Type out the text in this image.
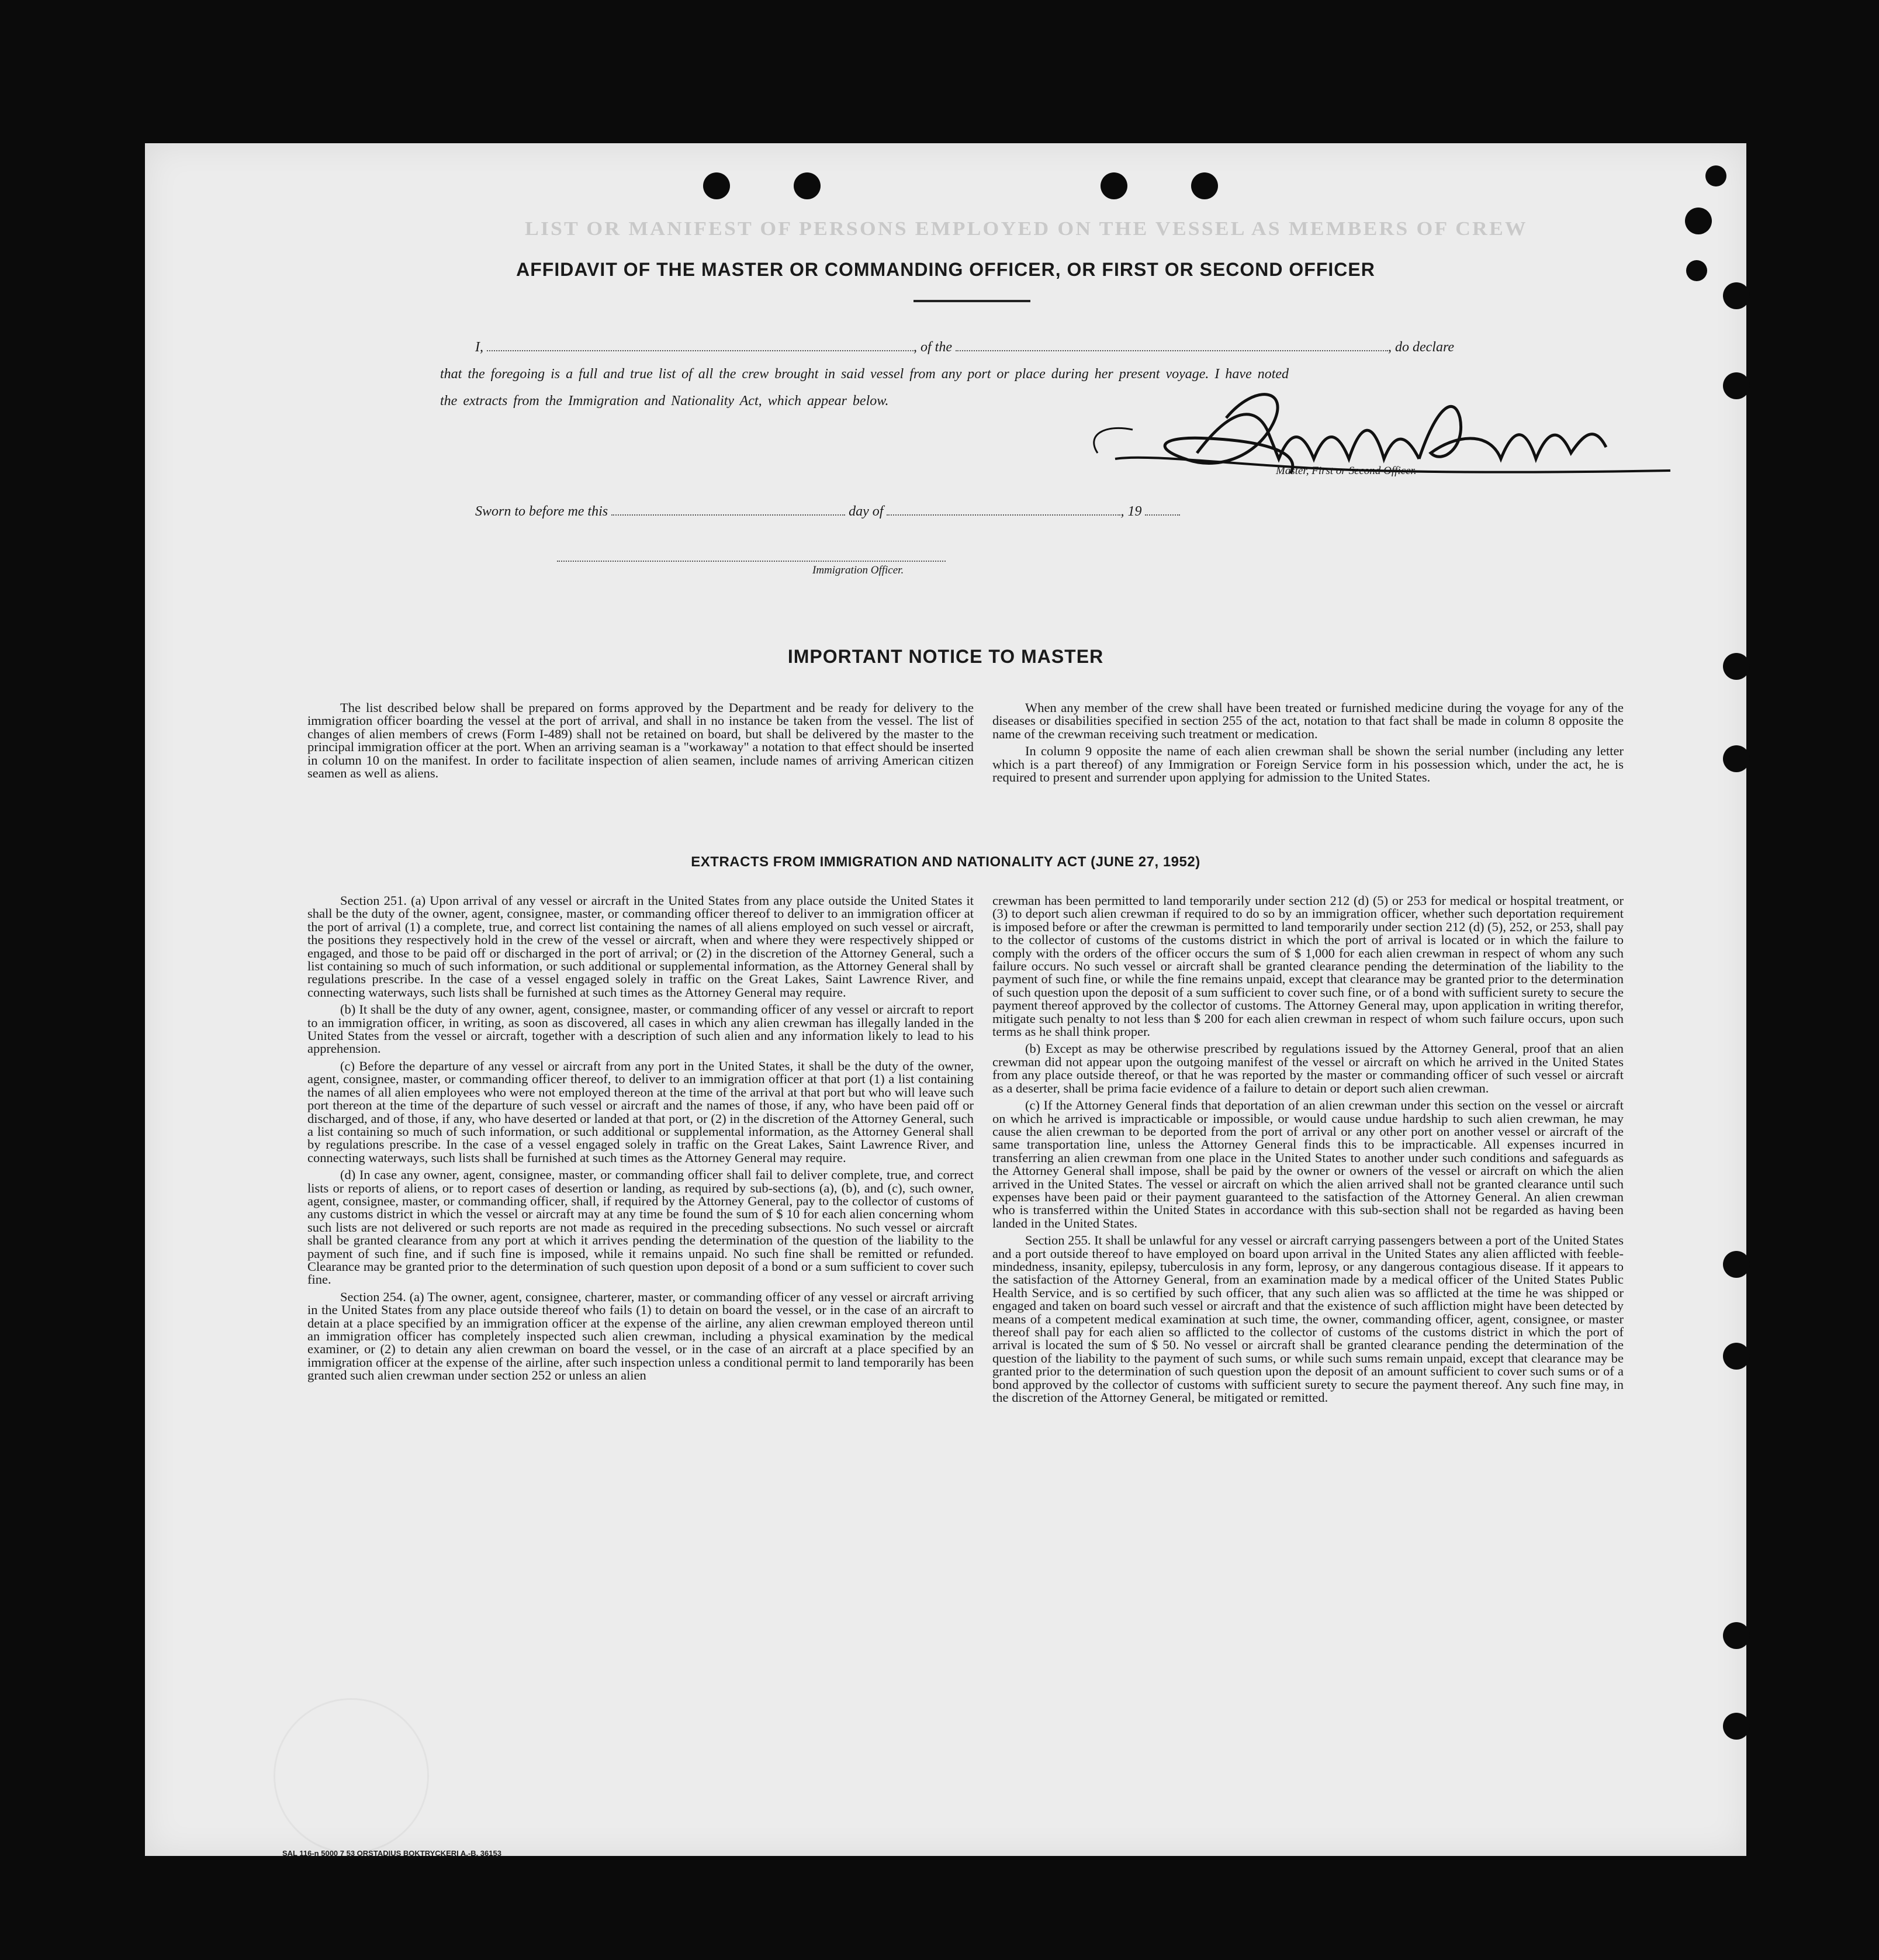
LIST OR MANIFEST OF PERSONS EMPLOYED ON THE VESSEL AS MEMBERS OF CREW
AFFIDAVIT OF THE MASTER OR COMMANDING OFFICER, OR FIRST OR SECOND OFFICER
I,	, of the	, do declare
that the foregoing is a full and true list of all the crew brought in said vessel from any port or place during her present voyage. I have noted
the extracts from the Immigration and Nationality Act, which appear below.
Master, First or Second Officer.
Sworn to before me this	day of	, 19
Immigration Officer.
IMPORTANT NOTICE TO MASTER

The list described below shall be prepared on forms approved by the Department and be ready for delivery to the immigration officer boarding the vessel at the port of arrival, and shall in no instance be taken from the vessel. The list of changes of alien members of crews (Form I-489) shall not be retained on board, but shall be delivered by the master to the principal immigration officer at the port. When an arriving seaman is a "workaway" a notation to that effect should be inserted in column 10 on the manifest. In order to facilitate inspection of alien seamen, include names of arriving American citizen seamen as well as aliens.

When any member of the crew shall have been treated or furnished medicine during the voyage for any of the diseases or disabilities specified in section 255 of the act, notation to that fact shall be made in column 8 opposite the name of the crewman receiving such treatment or medication.

In column 9 opposite the name of each alien crewman shall be shown the serial number (including any letter which is a part thereof) of any Immigration or Foreign Service form in his possession which, under the act, he is required to present and surrender upon applying for admission to the United States.

EXTRACTS FROM IMMIGRATION AND NATIONALITY ACT (JUNE 27, 1952)

Section 251. (a) Upon arrival of any vessel or aircraft in the United States from any place outside the United States it shall be the duty of the owner, agent, consignee, master, or commanding officer thereof to deliver to an immigration officer at the port of arrival (1) a complete, true, and correct list containing the names of all aliens employed on such vessel or aircraft, the positions they respectively hold in the crew of the vessel or aircraft, when and where they were respectively shipped or engaged, and those to be paid off or discharged in the port of arrival; or (2) in the discretion of the Attorney General, such a list containing so much of such information, or such additional or supplemental information, as the Attorney General shall by regulations prescribe. In the case of a vessel engaged solely in traffic on the Great Lakes, Saint Lawrence River, and connecting waterways, such lists shall be furnished at such times as the Attorney General may require.

(b) It shall be the duty of any owner, agent, consignee, master, or commanding officer of any vessel or aircraft to report to an immigration officer, in writing, as soon as discovered, all cases in which any alien crewman has illegally landed in the United States from the vessel or aircraft, together with a description of such alien and any information likely to lead to his apprehension.

(c) Before the departure of any vessel or aircraft from any port in the United States, it shall be the duty of the owner, agent, consignee, master, or commanding officer thereof, to deliver to an immigration officer at that port (1) a list containing the names of all alien employees who were not employed thereon at the time of the arrival at that port but who will leave such port thereon at the time of the departure of such vessel or aircraft and the names of those, if any, who have been paid off or discharged, and of those, if any, who have deserted or landed at that port, or (2) in the discretion of the Attorney General, such a list containing so much of such information, or such additional or supplemental information, as the Attorney General shall by regulations prescribe. In the case of a vessel engaged solely in traffic on the Great Lakes, Saint Lawrence River, and connecting waterways, such lists shall be furnished at such times as the Attorney General may require.

(d) In case any owner, agent, consignee, master, or commanding officer shall fail to deliver complete, true, and correct lists or reports of aliens, or to report cases of desertion or landing, as required by sub-sections (a), (b), and (c), such owner, agent, consignee, master, or commanding officer, shall, if required by the Attorney General, pay to the collector of customs of any customs district in which the vessel or aircraft may at any time be found the sum of $ 10 for each alien concerning whom such lists are not delivered or such reports are not made as required in the preceding subsections. No such vessel or aircraft shall be granted clearance from any port at which it arrives pending the determination of the question of the liability to the payment of such fine, and if such fine is imposed, while it remains unpaid. No such fine shall be remitted or refunded. Clearance may be granted prior to the determination of such question upon deposit of a bond or a sum sufficient to cover such fine.

Section 254. (a) The owner, agent, consignee, charterer, master, or commanding officer of any vessel or aircraft arriving in the United States from any place outside thereof who fails (1) to detain on board the vessel, or in the case of an aircraft to detain at a place specified by an immigration officer at the expense of the airline, any alien crewman employed thereon until an immigration officer has completely inspected such alien crewman, including a physical examination by the medical examiner, or (2) to detain any alien crewman on board the vessel, or in the case of an aircraft at a place specified by an immigration officer at the expense of the airline, after such inspection unless a conditional permit to land temporarily has been granted such alien crewman under section 252 or unless an alien

crewman has been permitted to land temporarily under section 212 (d) (5) or 253 for medical or hospital treatment, or (3) to deport such alien crewman if required to do so by an immigration officer, whether such deportation requirement is imposed before or after the crewman is permitted to land temporarily under section 212 (d) (5), 252, or 253, shall pay to the collector of customs of the customs district in which the port of arrival is located or in which the failure to comply with the orders of the officer occurs the sum of $ 1,000 for each alien crewman in respect of whom any such failure occurs. No such vessel or aircraft shall be granted clearance pending the determination of the liability to the payment of such fine, or while the fine remains unpaid, except that clearance may be granted prior to the determination of such question upon the deposit of a sum sufficient to cover such fine, or of a bond with sufficient surety to secure the payment thereof approved by the collector of customs. The Attorney General may, upon application in writing therefor, mitigate such penalty to not less than $ 200 for each alien crewman in respect of whom such failure occurs, upon such terms as he shall think proper.

(b) Except as may be otherwise prescribed by regulations issued by the Attorney General, proof that an alien crewman did not appear upon the outgoing manifest of the vessel or aircraft on which he arrived in the United States from any place outside thereof, or that he was reported by the master or commanding officer of such vessel or aircraft as a deserter, shall be prima facie evidence of a failure to detain or deport such alien crewman.

(c) If the Attorney General finds that deportation of an alien crewman under this section on the vessel or aircraft on which he arrived is impracticable or impossible, or would cause undue hardship to such alien crewman, he may cause the alien crewman to be deported from the port of arrival or any other port on another vessel or aircraft of the same transportation line, unless the Attorney General finds this to be impracticable. All expenses incurred in transferring an alien crewman from one place in the United States to another under such conditions and safeguards as the Attorney General shall impose, shall be paid by the owner or owners of the vessel or aircraft on which the alien arrived in the United States. The vessel or aircraft on which the alien arrived shall not be granted clearance until such expenses have been paid or their payment guaranteed to the satisfaction of the Attorney General. An alien crewman who is transferred within the United States in accordance with this sub-section shall not be regarded as having been landed in the United States.

Section 255. It shall be unlawful for any vessel or aircraft carrying passengers between a port of the United States and a port outside thereof to have employed on board upon arrival in the United States any alien afflicted with feeble-mindedness, insanity, epilepsy, tuberculosis in any form, leprosy, or any dangerous contagious disease. If it appears to the satisfaction of the Attorney General, from an examination made by a medical officer of the United States Public Health Service, and is so certified by such officer, that any such alien was so afflicted at the time he was shipped or engaged and taken on board such vessel or aircraft and that the existence of such affliction might have been detected by means of a competent medical examination at such time, the owner, commanding officer, agent, consignee, or master thereof shall pay for each alien so afflicted to the collector of customs of the customs district in which the port of arrival is located the sum of $ 50. No vessel or aircraft shall be granted clearance pending the determination of the question of the liability to the payment of such sums, or while such sums remain unpaid, except that clearance may be granted prior to the determination of such question upon the deposit of an amount sufficient to cover such sums or of a bond approved by the collector of customs with sufficient surety to secure the payment thereof. Any such fine may, in the discretion of the Attorney General, be mitigated or remitted.

SAL 116-n 5000 7 53 ORSTADIUS BOKTRYCKERI A.-B. 36153
